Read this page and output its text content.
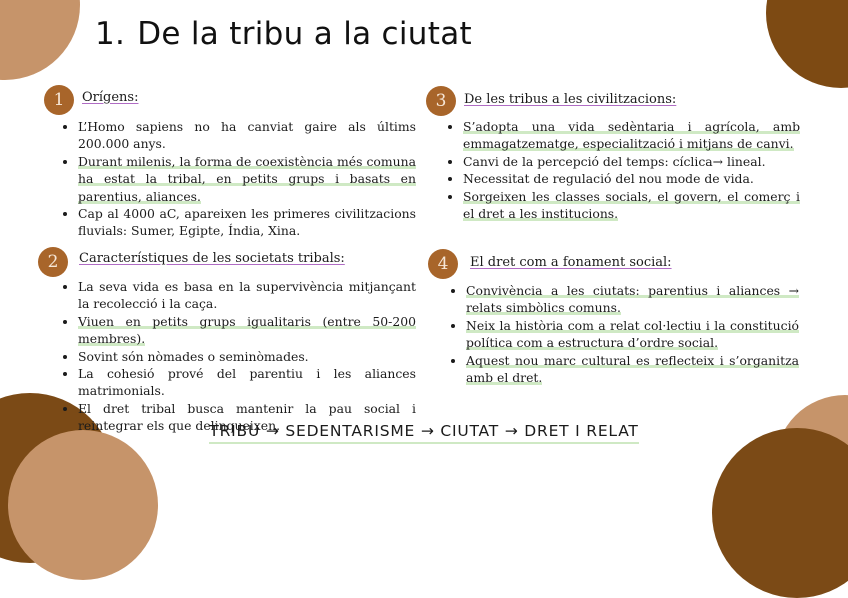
1. De la tribu a la ciutat
1	Orígens:
• L’Homo sapiens no ha canviat gaire als últims 200.000 anys.
• Durant milenis, la forma de coexistència més comuna ha estat la tribal, en petits grups i basats en parentius, aliances.
• Cap al 4000 aC, apareixen les primeres civilitzacions fluvials: Sumer, Egipte, Índia, Xina.
2	Característiques de les societats tribals:
• La seva vida es basa en la supervivència mitjançant la recolecció i la caça.
• Viuen en petits grups igualitaris (entre 50-200 membres).
• Sovint són nòmades o seminòmades.
• La cohesió prové del parentiu i les aliances matrimonials.
• El dret tribal busca mantenir la pau social i reintegrar els que delinqueixen.
3	De les tribus a les civilitzacions:
• S’adopta una vida sedèntaria i agrícola, amb emmagatzematge, especialització i mitjans de canvi.
• Canvi de la percepció del temps: cíclica→ lineal.
• Necessitat de regulació del nou mode de vida.
• Sorgeixen les classes socials, el govern, el comerç i el dret a les institucions.
4	El dret com a fonament social:
• Convivència a les ciutats: parentius i aliances → relats simbòlics comuns.
• Neix la història com a relat col·lectiu i la constitució política com a estructura d’ordre social.
• Aquest nou marc cultural es reflecteix i s’organitza amb el dret.
TRIBU → SEDENTARISME → CIUTAT → DRET I RELAT
